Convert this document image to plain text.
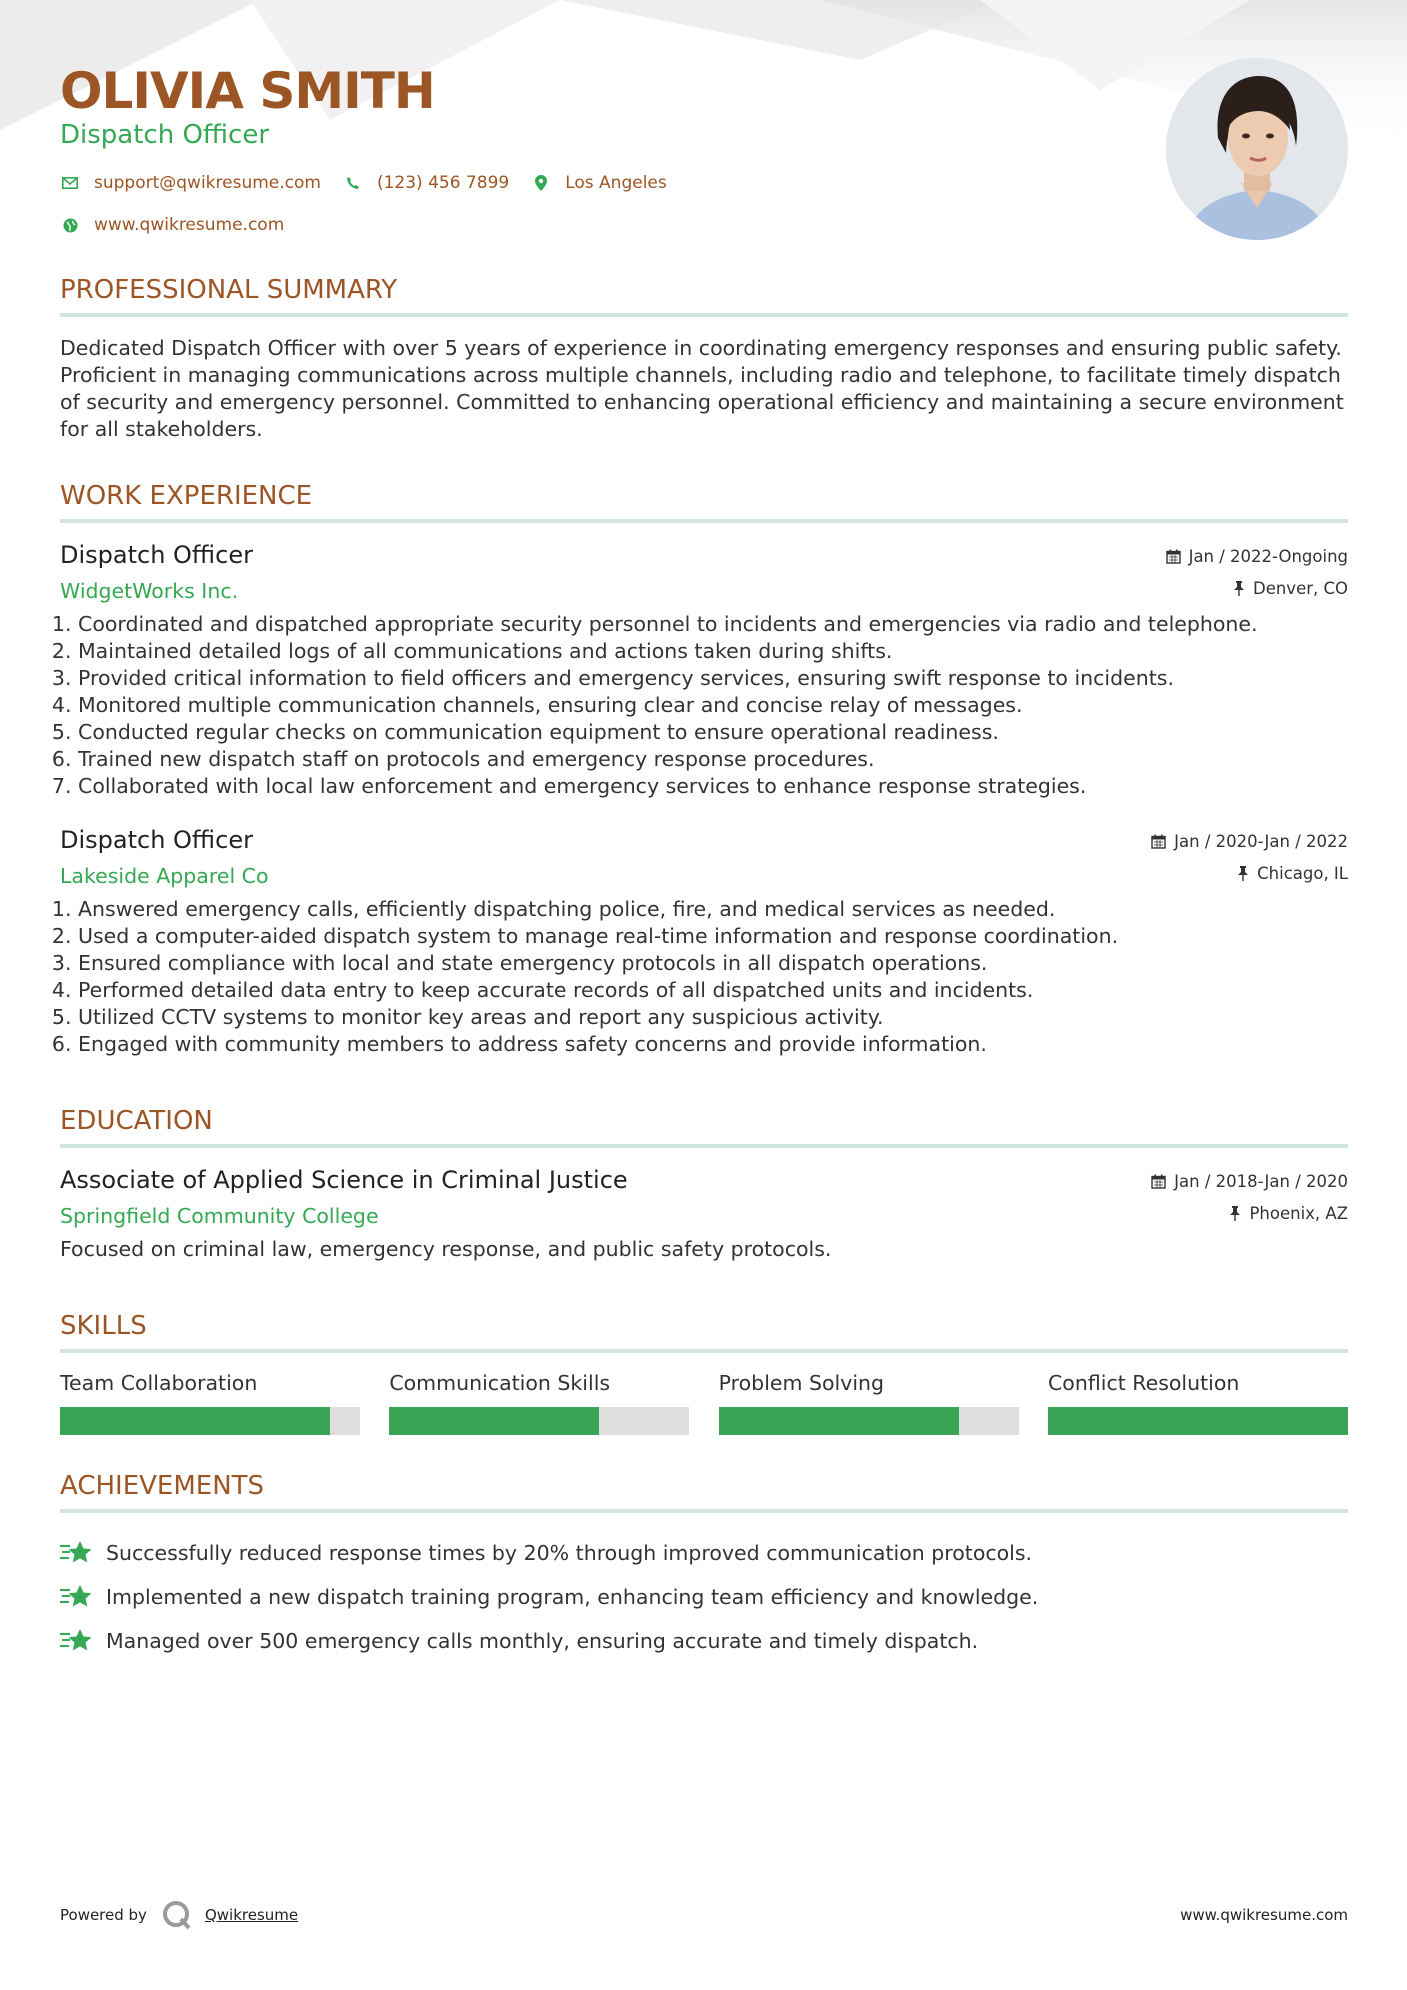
OLIVIA SMITH
Dispatch Officer
support@qwikresume.com	(123) 456 7899	Los Angeles
www.qwikresume.com
PROFESSIONAL SUMMARY
Dedicated Dispatch Officer with over 5 years of experience in coordinating emergency responses and ensuring public safety. Proficient in managing communications across multiple channels, including radio and telephone, to facilitate timely dispatch of security and emergency personnel. Committed to enhancing operational efficiency and maintaining a secure environment for all stakeholders.
WORK EXPERIENCE
Dispatch Officer
WidgetWorks Inc.
Jan / 2022-Ongoing
Denver, CO
1. Coordinated and dispatched appropriate security personnel to incidents and emergencies via radio and telephone.
2. Maintained detailed logs of all communications and actions taken during shifts.
3. Provided critical information to field officers and emergency services, ensuring swift response to incidents.
4. Monitored multiple communication channels, ensuring clear and concise relay of messages.
5. Conducted regular checks on communication equipment to ensure operational readiness.
6. Trained new dispatch staff on protocols and emergency response procedures.
7. Collaborated with local law enforcement and emergency services to enhance response strategies.
Dispatch Officer
Lakeside Apparel Co
Jan / 2020-Jan / 2022
Chicago, IL
1. Answered emergency calls, efficiently dispatching police, fire, and medical services as needed.
2. Used a computer-aided dispatch system to manage real-time information and response coordination.
3. Ensured compliance with local and state emergency protocols in all dispatch operations.
4. Performed detailed data entry to keep accurate records of all dispatched units and incidents.
5. Utilized CCTV systems to monitor key areas and report any suspicious activity.
6. Engaged with community members to address safety concerns and provide information.
EDUCATION
Associate of Applied Science in Criminal Justice
Springfield Community College
Jan / 2018-Jan / 2020
Phoenix, AZ
Focused on criminal law, emergency response, and public safety protocols.
SKILLS
Team Collaboration	Communication Skills	Problem Solving	Conflict Resolution
ACHIEVEMENTS
Successfully reduced response times by 20% through improved communication protocols.
Implemented a new dispatch training program, enhancing team efficiency and knowledge.
Managed over 500 emergency calls monthly, ensuring accurate and timely dispatch.
Powered by	Qwikresume	www.qwikresume.com
